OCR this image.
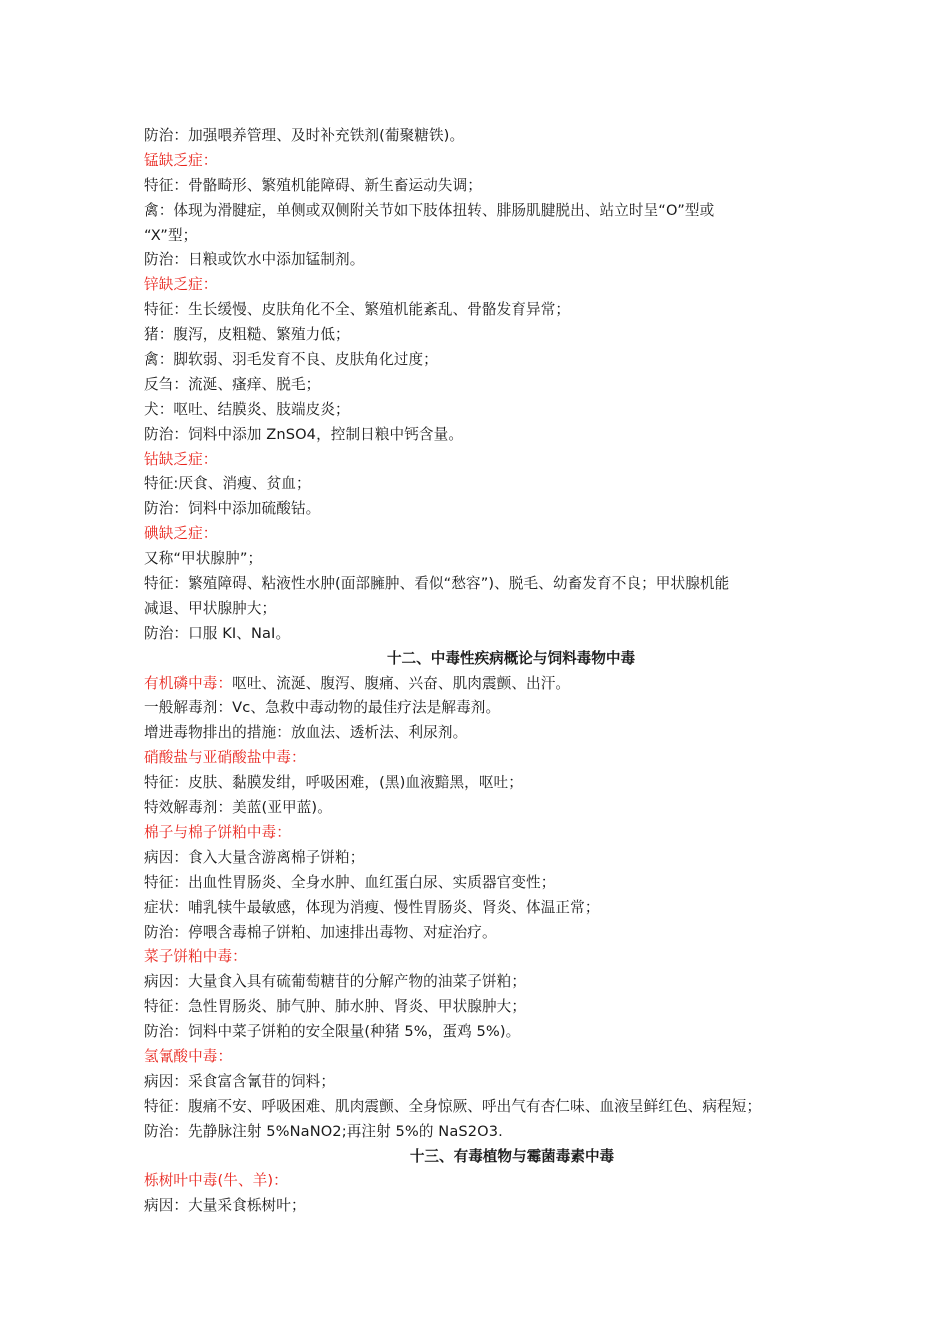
防治：加强喂养管理、及时补充铁剂(葡聚糖铁)。
锰缺乏症：
特征：骨骼畸形、繁殖机能障碍、新生畜运动失调；
禽：体现为滑腱症，单侧或双侧附关节如下肢体扭转、腓肠肌腱脱出、站立时呈“O”型或
“X”型；
防治：日粮或饮水中添加锰制剂。
锌缺乏症：
特征：生长缓慢、皮肤角化不全、繁殖机能紊乱、骨骼发育异常；
猪：腹泻，皮粗糙、繁殖力低；
禽：脚软弱、羽毛发育不良、皮肤角化过度；
反刍：流涎、瘙痒、脱毛；
犬：呕吐、结膜炎、肢端皮炎；
防治：饲料中添加 ZnSO4，控制日粮中钙含量。
钴缺乏症：
特征:厌食、消瘦、贫血；
防治：饲料中添加硫酸钴。
碘缺乏症：
又称“甲状腺肿”；
特征：繁殖障碍、粘液性水肿(面部臃肿、看似“愁容”)、脱毛、幼畜发育不良；甲状腺机能
减退、甲状腺肿大；
防治：口服 KI、NaI。
十二、中毒性疾病概论与饲料毒物中毒
有机磷中毒：呕吐、流涎、腹泻、腹痛、兴奋、肌肉震颤、出汗。
一般解毒剂：Vc、急救中毒动物的最佳疗法是解毒剂。
增进毒物排出的措施：放血法、透析法、利尿剂。
硝酸盐与亚硝酸盐中毒：
特征：皮肤、黏膜发绀，呼吸困难，(黑)血液黯黑，呕吐；
特效解毒剂：美蓝(亚甲蓝)。
棉子与棉子饼粕中毒：
病因：食入大量含游离棉子饼粕；
特征：出血性胃肠炎、全身水肿、血红蛋白尿、实质器官变性；
症状：哺乳犊牛最敏感，体现为消瘦、慢性胃肠炎、肾炎、体温正常；
防治：停喂含毒棉子饼粕、加速排出毒物、对症治疗。
菜子饼粕中毒：
病因：大量食入具有硫葡萄糖苷的分解产物的油菜子饼粕；
特征：急性胃肠炎、肺气肿、肺水肿、肾炎、甲状腺肿大；
防治：饲料中菜子饼粕的安全限量(种猪 5%，蛋鸡 5%)。
氢氰酸中毒：
病因：采食富含氰苷的饲料；
特征：腹痛不安、呼吸困难、肌肉震颤、全身惊厥、呼出气有杏仁味、血液呈鲜红色、病程短；
防治：先静脉注射 5%NaNO2;再注射 5%的 NaS2O3.
十三、有毒植物与霉菌毒素中毒
栎树叶中毒(牛、羊)：
病因：大量采食栎树叶；
